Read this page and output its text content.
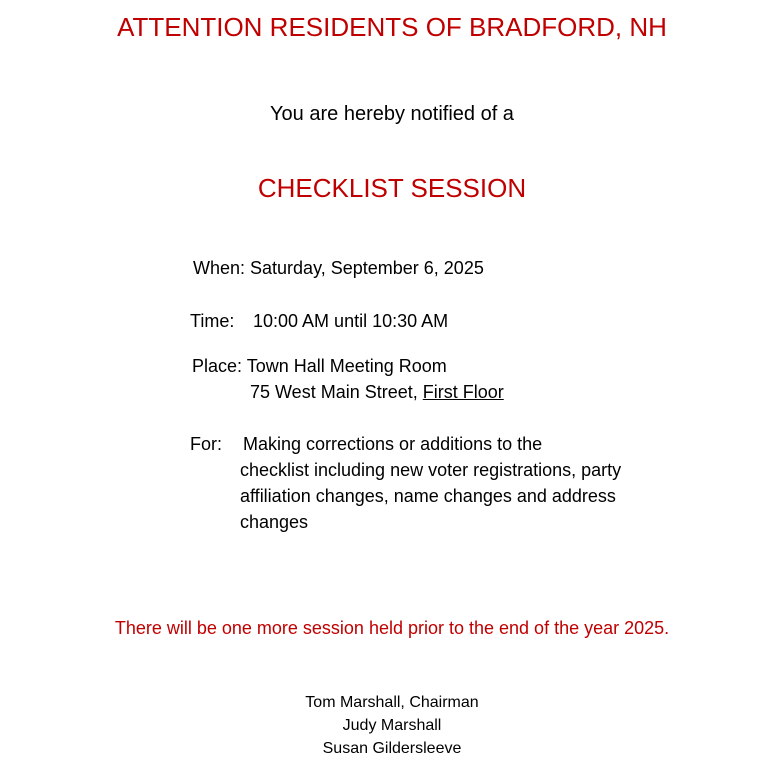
ATTENTION RESIDENTS OF BRADFORD, NH
You are hereby notified of a
CHECKLIST SESSION
When: Saturday, September 6, 2025
Time: 10:00 AM until 10:30 AM
Place: Town Hall Meeting Room
75 West Main Street, First Floor
For: Making corrections or additions to the
checklist including new voter registrations, party
affiliation changes, name changes and address
changes
There will be one more session held prior to the end of the year 2025.
Tom Marshall, Chairman
Judy Marshall
Susan Gildersleeve
